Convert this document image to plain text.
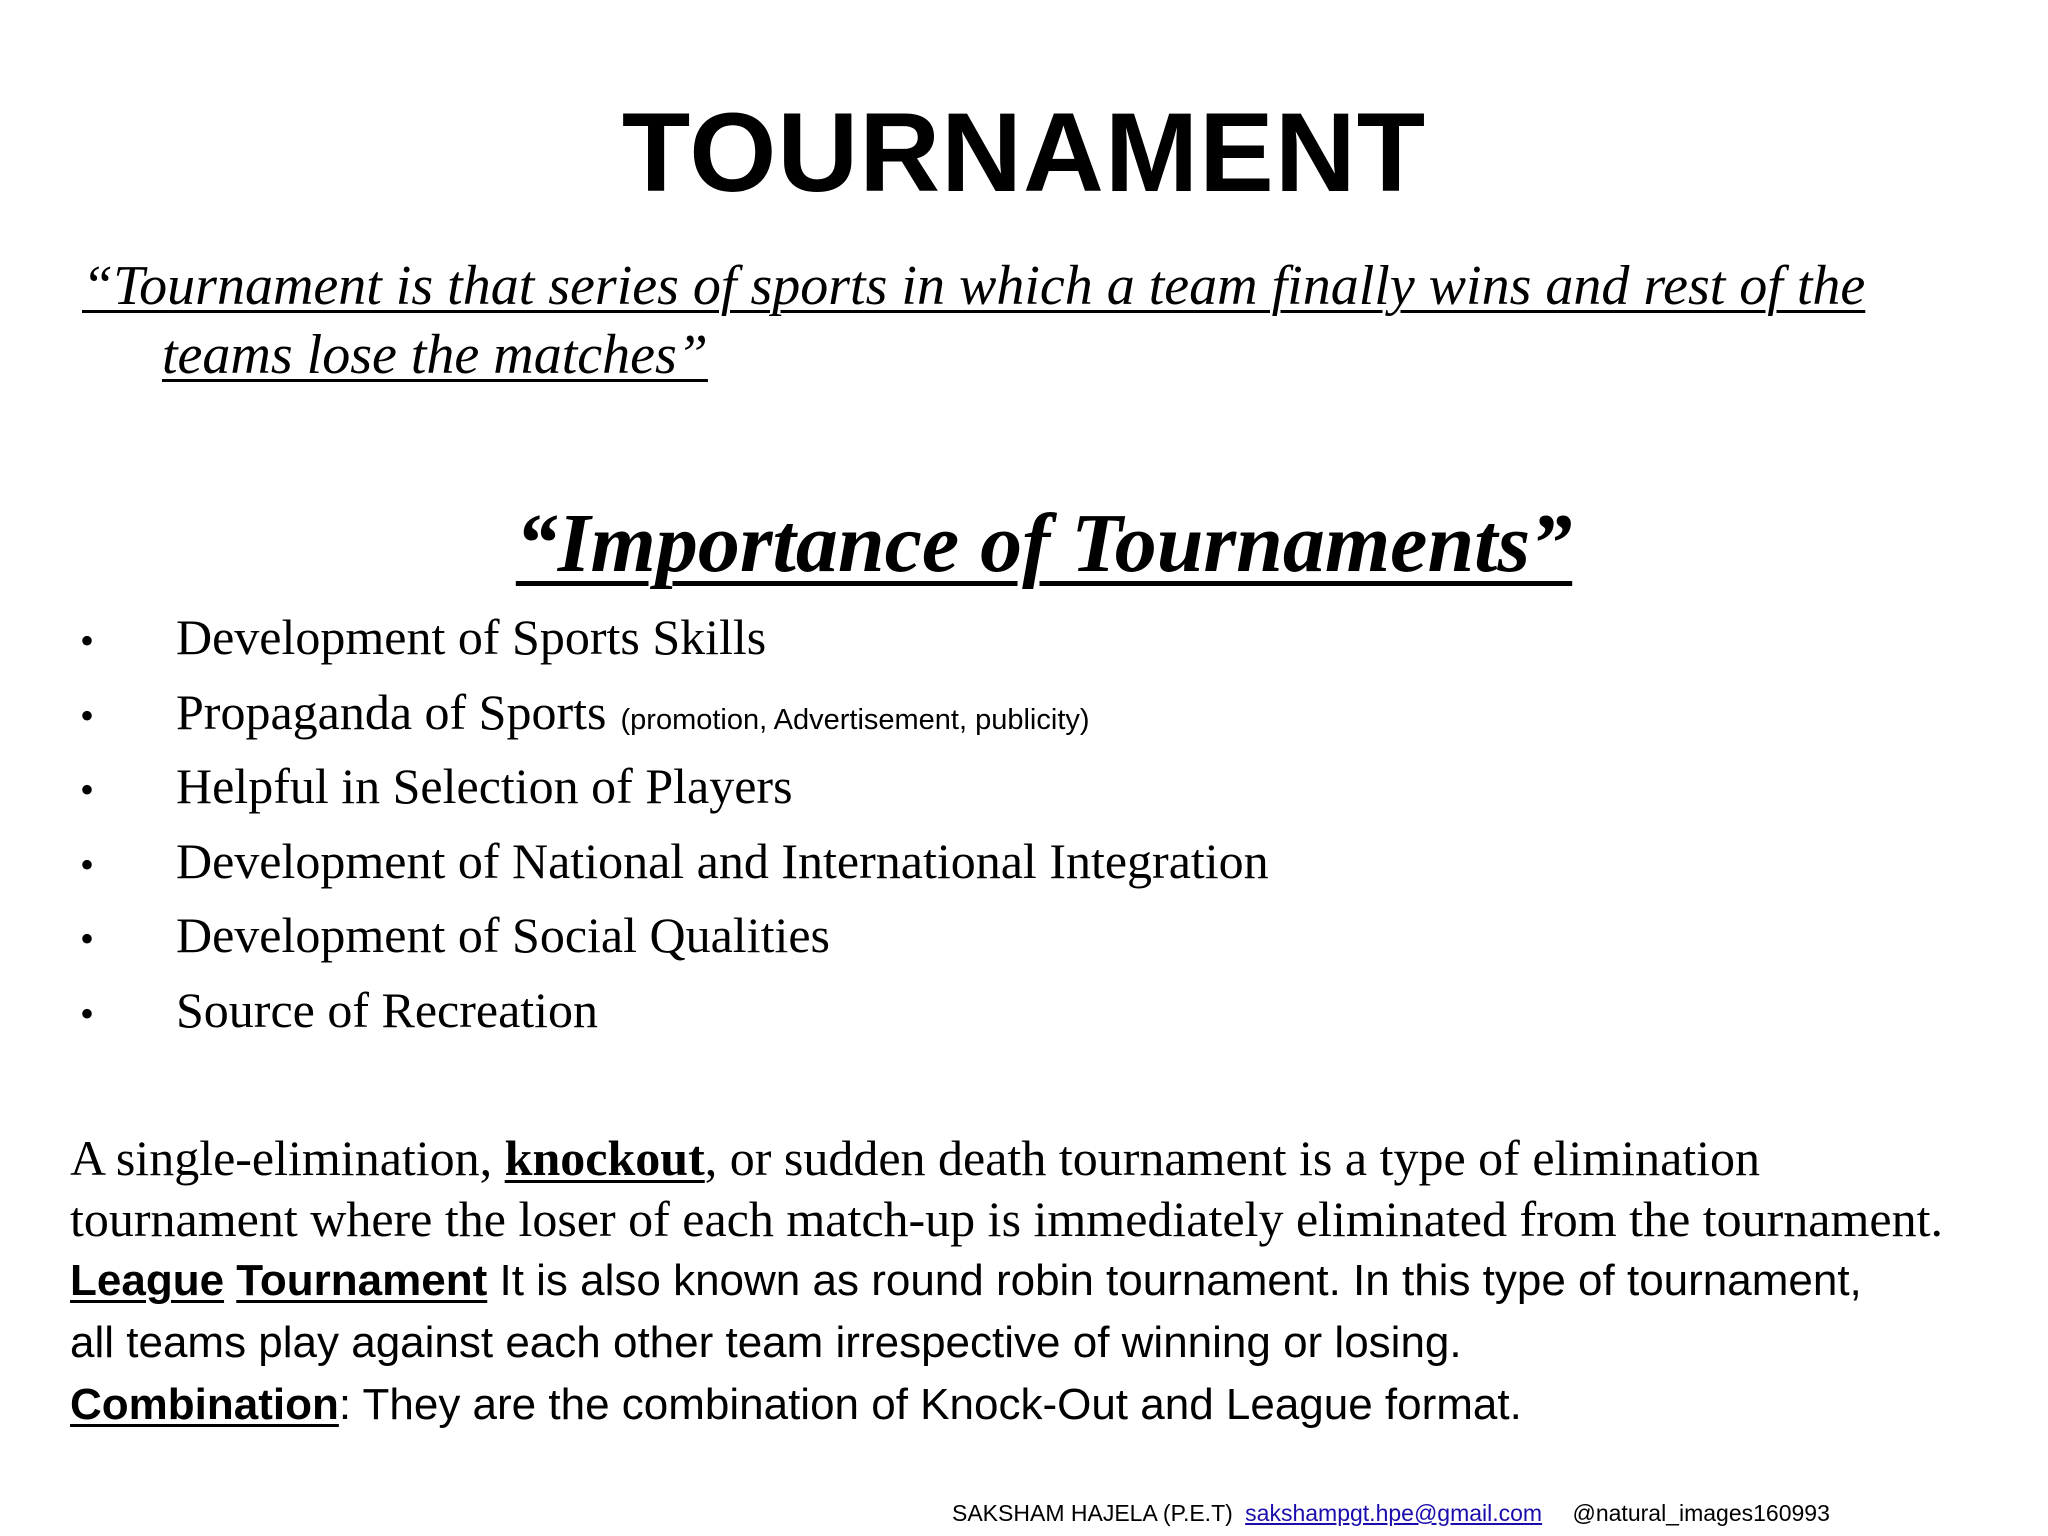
TOURNAMENT
“Tournament is that series of sports in which a team finally wins and rest of the
teams lose the matches”
“Importance of Tournaments”
•	Development of Sports Skills
•	Propaganda of Sports (promotion, Advertisement, publicity)
•	Helpful in Selection of Players
•	Development of National and International Integration
•	Development of Social Qualities
•	Source of Recreation
A single-elimination, knockout, or sudden death tournament is a type of elimination
tournament where the loser of each match-up is immediately eliminated from the tournament.
League Tournament It is also known as round robin tournament. In this type of tournament,
all teams play against each other team irrespective of winning or losing.
Combination: They are the combination of Knock-Out and League format.
SAKSHAM HAJELA (P.E.T) sakshampgt.hpe@gmail.com @natural_images160993
